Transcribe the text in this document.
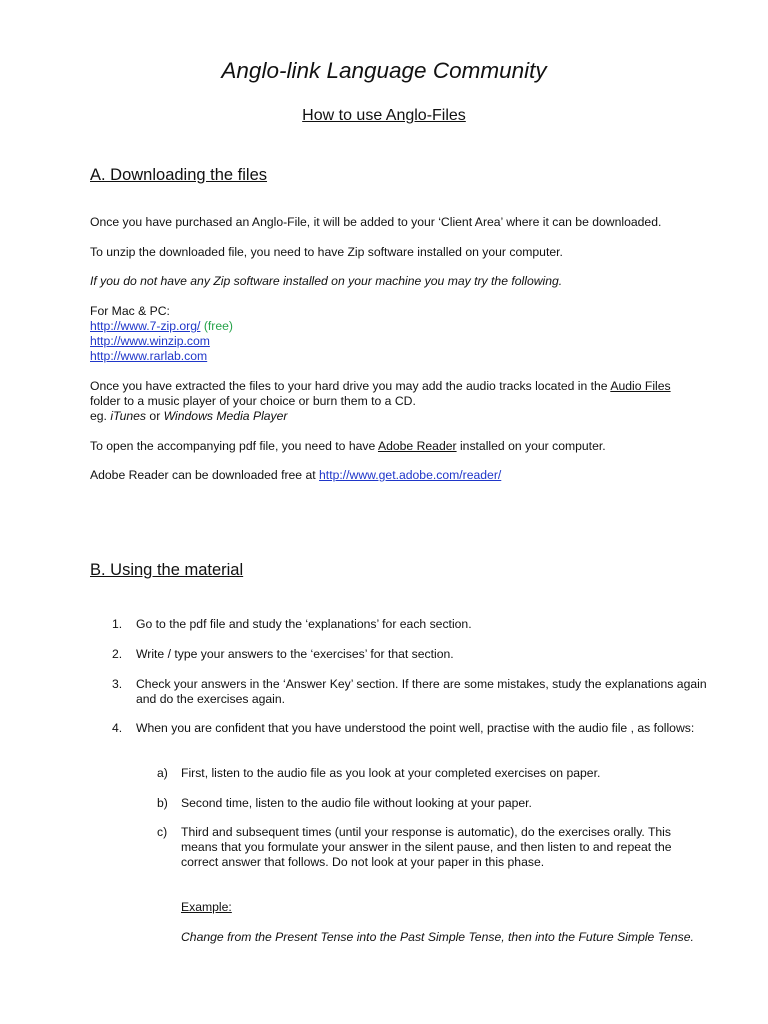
Anglo-link Language Community
How to use Anglo-Files
A. Downloading the files

Once you have purchased an Anglo-File, it will be added to your ‘Client Area’ where it can be downloaded.

To unzip the downloaded file, you need to have Zip software installed on your computer.

If you do not have any Zip software installed on your machine you may try the following.

For Mac & PC:

http://www.7-zip.org/ (free)

http://www.winzip.com

http://www.rarlab.com

Once you have extracted the files to your hard drive you may add the audio tracks located in the Audio Files

folder to a music player of your choice or burn them to a CD.

eg. iTunes or Windows Media Player

To open the accompanying pdf file, you need to have Adobe Reader installed on your computer.

Adobe Reader can be downloaded free at http://www.get.adobe.com/reader/

B. Using the material
1.	Go to the pdf file and study the ‘explanations’ for each section.
2.	Write / type your answers to the ‘exercises’ for that section.
3.	Check your answers in the ‘Answer Key’ section. If there are some mistakes, study the explanations again and do the exercises again.
4.	When you are confident that you have understood the point well, practise with the audio file , as follows:
a)	First, listen to the audio file as you look at your completed exercises on paper.
b)	Second time, listen to the audio file without looking at your paper.
c)	Third and subsequent times (until your response is automatic), do the exercises orally. This means that you formulate your answer in the silent pause, and then listen to and repeat the correct answer that follows. Do not look at your paper in this phase.
Example:
Change from the Present Tense into the Past Simple Tense, then into the Future Simple Tense.
